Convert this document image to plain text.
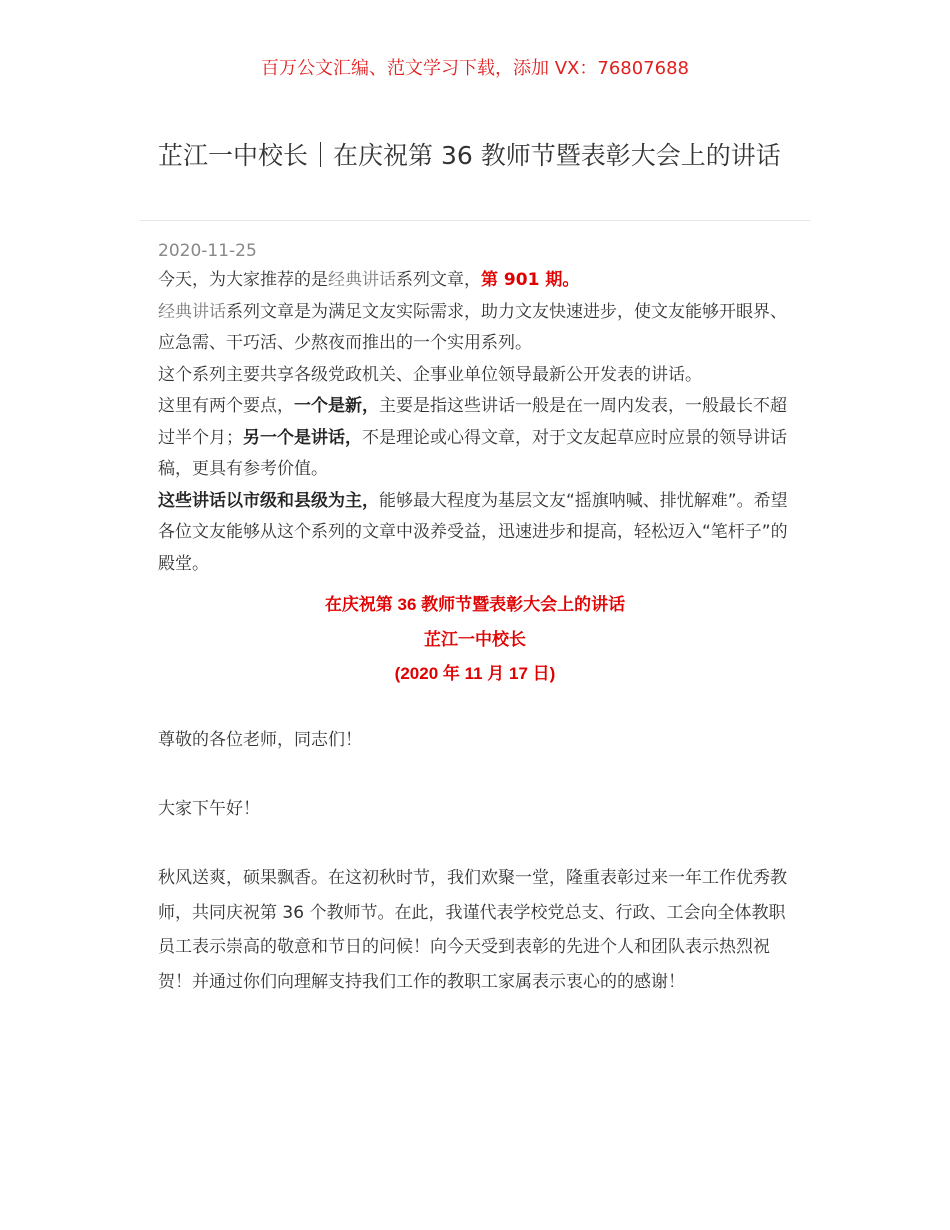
百万公文汇编、范文学习下载，添加 VX：76807688
芷江一中校长｜在庆祝第 36 教师节暨表彰大会上的讲话
2020-11-25

今天，为大家推荐的是经典讲话系列文章，第 901 期。

经典讲话系列文章是为满足文友实际需求，助力文友快速进步，使文友能够开眼界、应急需、干巧活、少熬夜而推出的一个实用系列。

这个系列主要共享各级党政机关、企事业单位领导最新公开发表的讲话。

这里有两个要点，一个是新，主要是指这些讲话一般是在一周内发表，一般最长不超过半个月；另一个是讲话，不是理论或心得文章，对于文友起草应时应景的领导讲话稿，更具有参考价值。

这些讲话以市级和县级为主，能够最大程度为基层文友“摇旗呐喊、排忧解难”。希望各位文友能够从这个系列的文章中汲养受益，迅速进步和提高，轻松迈入“笔杆子”的殿堂。

在庆祝第 36 教师节暨表彰大会上的讲话
芷江一中校长
(2020 年 11 月 17 日)

尊敬的各位老师，同志们！

大家下午好！

秋风送爽，硕果飘香。在这初秋时节，我们欢聚一堂，隆重表彰过来一年工作优秀教师，共同庆祝第 36 个教师节。在此，我谨代表学校党总支、行政、工会向全体教职员工表示崇高的敬意和节日的问候！向今天受到表彰的先进个人和团队表示热烈祝贺！并通过你们向理解支持我们工作的教职工家属表示衷心的的感谢！
